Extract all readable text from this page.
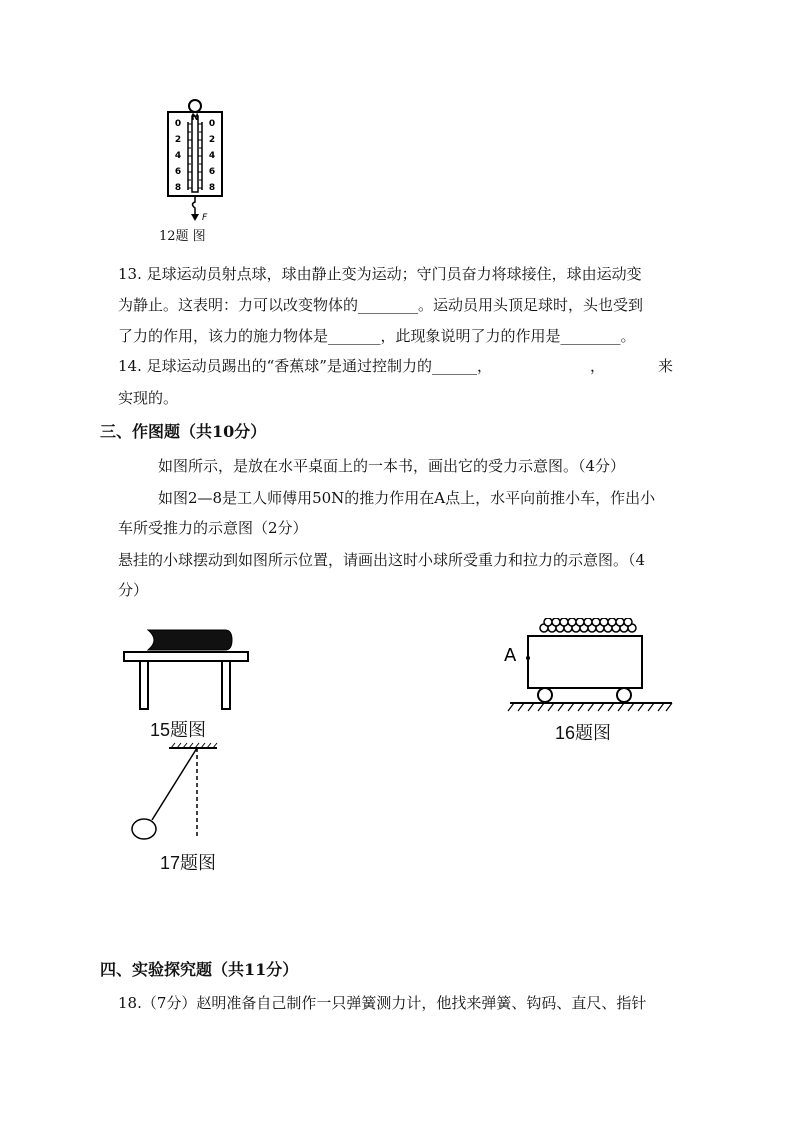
N
0
2
4
6
8
0
2
4
6
8
F
12题 图
13. 足球运动员射点球，球由静止变为运动；守门员奋力将球接住，球由运动变
为静止。这表明：力可以改变物体的________。运动员用头顶足球时，头也受到
了力的作用，该力的施力物体是_______，此现象说明了力的作用是________。
14. 足球运动员踢出的“香蕉球”是通过控制力的______，	，	来
实现的。
三、作图题（共10分）
如图所示，是放在水平桌面上的一本书，画出它的受力示意图。（4分）
如图2—8是工人师傅用50N的推力作用在A点上，水平向前推小车，作出小
车所受推力的示意图（2分）
悬挂的小球摆动到如图所示位置，请画出这时小球所受重力和拉力的示意图。（4
分）
15题图
A
16题图
17题图
四、实验探究题（共11分）
18.（7分）赵明准备自己制作一只弹簧测力计，他找来弹簧、钩码、直尺、指针
